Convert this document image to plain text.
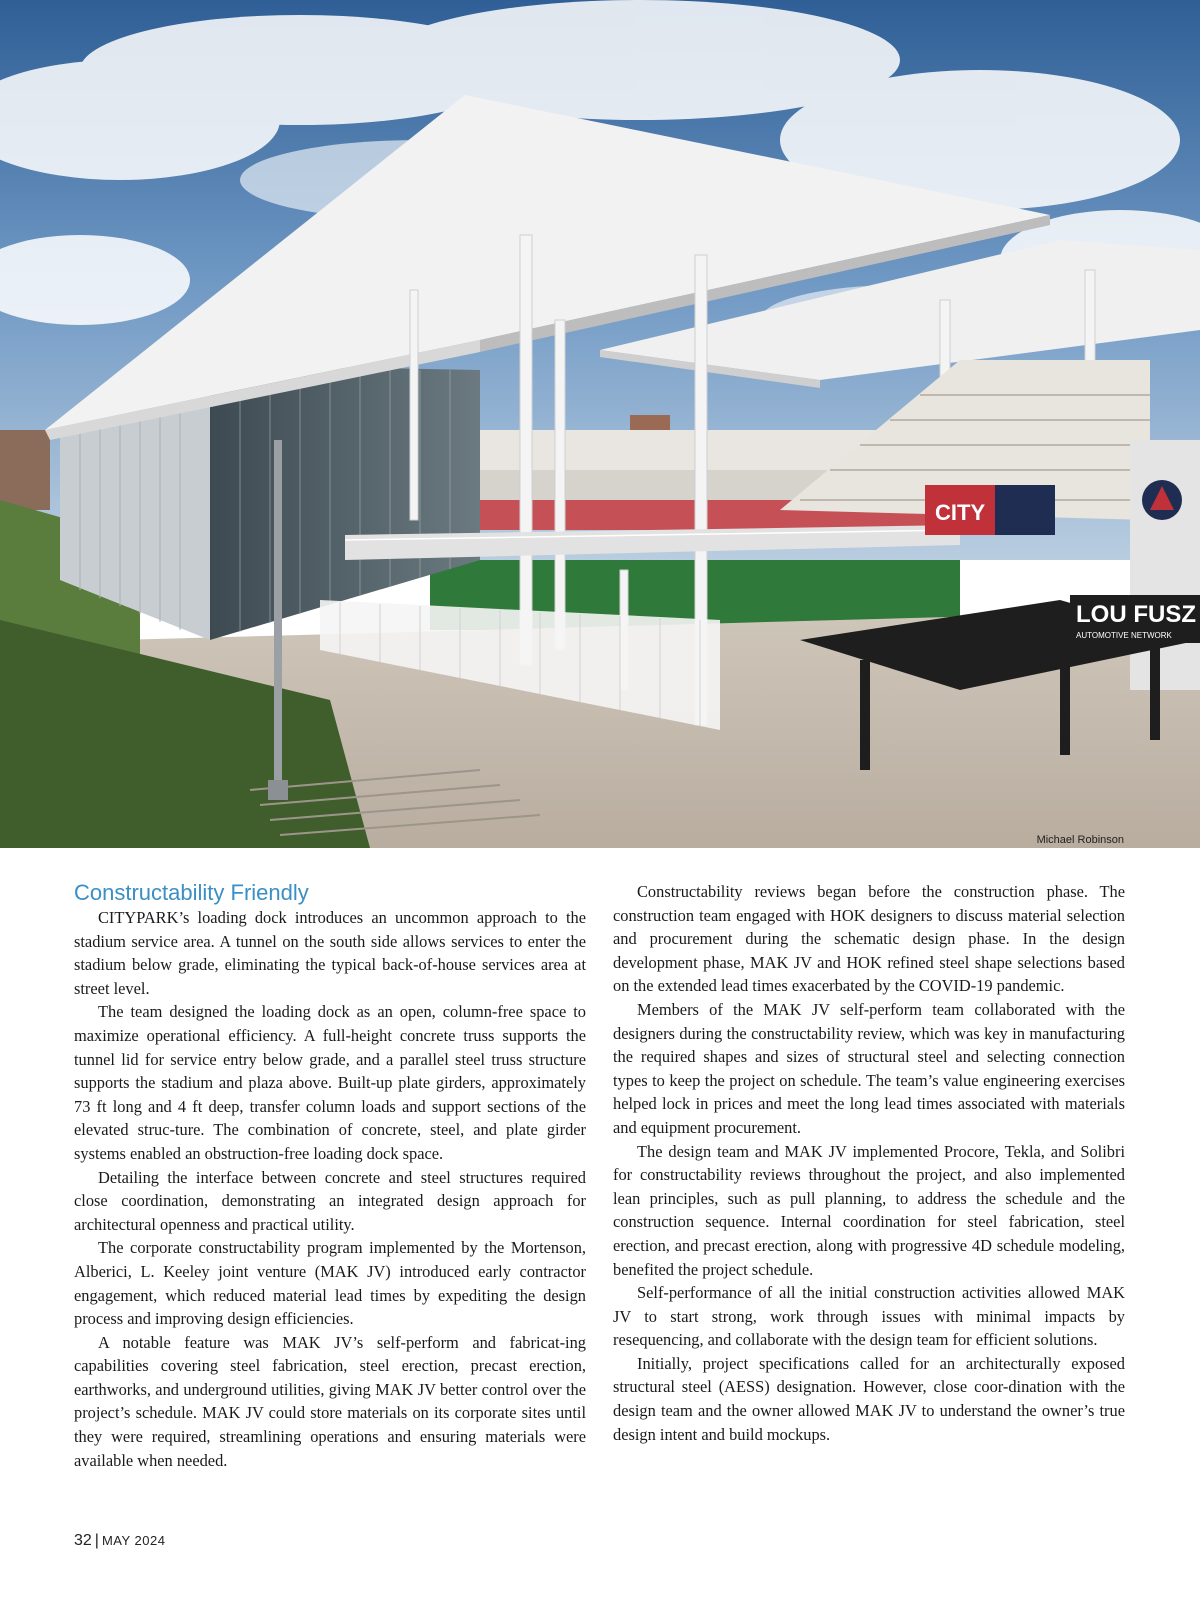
CITY
LOU FUSZ
AUTOMOTIVE NETWORK
Michael Robinson
Constructability Friendly

CITYPARK’s loading dock introduces an uncommon approach to the stadium service area. A tunnel on the south side allows services to enter the stadium below grade, eliminating the typical back-of-house services area at street level.

The team designed the loading dock as an open, column-free space to maximize operational efficiency. A full-height concrete truss supports the tunnel lid for service entry below grade, and a parallel steel truss structure supports the stadium and plaza above. Built-up plate girders, approximately 73 ft long and 4 ft deep, transfer column loads and support sections of the elevated struc-ture. The combination of concrete, steel, and plate girder systems enabled an obstruction-free loading dock space.

Detailing the interface between concrete and steel structures required close coordination, demonstrating an integrated design approach for architectural openness and practical utility.

The corporate constructability program implemented by the Mortenson, Alberici, L. Keeley joint venture (MAK JV) introduced early contractor engagement, which reduced material lead times by expediting the design process and improving design efficiencies.

A notable feature was MAK JV’s self-perform and fabricat-ing capabilities covering steel fabrication, steel erection, precast erection, earthworks, and underground utilities, giving MAK JV better control over the project’s schedule. MAK JV could store materials on its corporate sites until they were required, streamlining operations and ensuring materials were available when needed.

Constructability reviews began before the construction phase. The construction team engaged with HOK designers to discuss material selection and procurement during the schematic design phase. In the design development phase, MAK JV and HOK refined steel shape selections based on the extended lead times exacerbated by the COVID-19 pandemic.

Members of the MAK JV self-perform team collaborated with the designers during the constructability review, which was key in manufacturing the required shapes and sizes of structural steel and selecting connection types to keep the project on schedule. The team’s value engineering exercises helped lock in prices and meet the long lead times associated with materials and equipment procurement.

The design team and MAK JV implemented Procore, Tekla, and Solibri for constructability reviews throughout the project, and also implemented lean principles, such as pull planning, to address the schedule and the construction sequence. Internal coordination for steel fabrication, steel erection, and precast erection, along with progressive 4D schedule modeling, benefited the project schedule.

Self-performance of all the initial construction activities allowed MAK JV to start strong, work through issues with minimal impacts by resequencing, and collaborate with the design team for efficient solutions.

Initially, project specifications called for an architecturally exposed structural steel (AESS) designation. However, close coor-dination with the design team and the owner allowed MAK JV to understand the owner’s true design intent and build mockups.

32 | MAY 2024
